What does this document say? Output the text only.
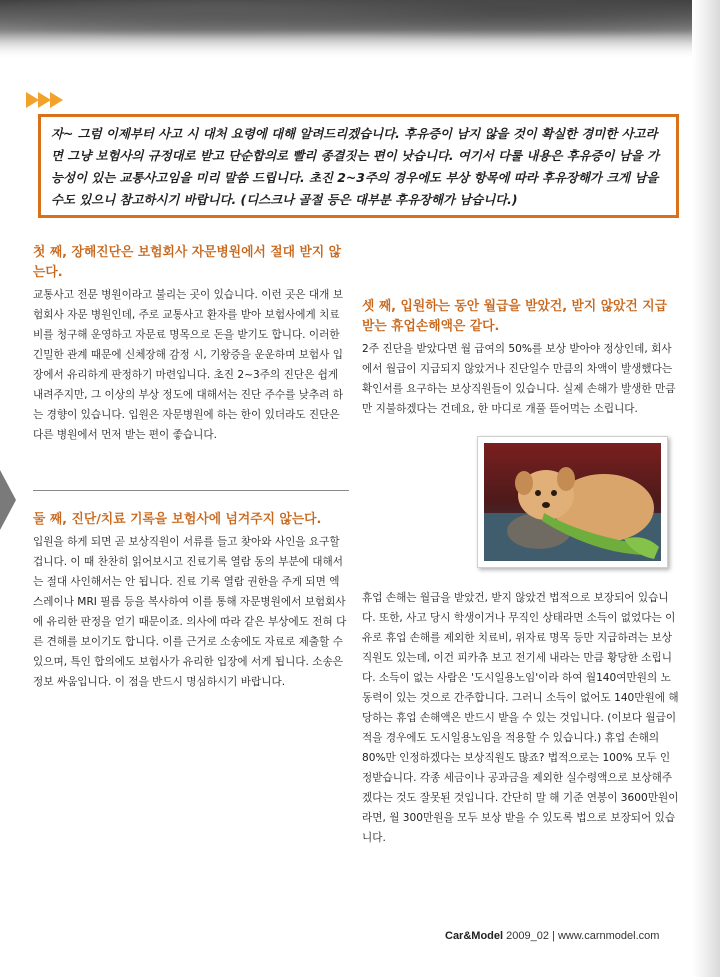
자~ 그럼 이제부터 사고 시 대처 요령에 대해 알려드리겠습니다. 후유증이 남지 않을 것이 확실한 경미한 사고라면 그냥 보험사의 규정대로 받고 단순합의로 빨리 종결짓는 편이 낫습니다. 여기서 다룰 내용은 후유증이 남을 가능성이 있는 교통사고임을 미리 말씀 드립니다. 초진 2~3주의 경우에도 부상 항목에 따라 후유장해가 크게 남을 수도 있으니 참고하시기 바랍니다. (디스크나 골절 등은 대부분 후유장해가 남습니다.)

첫 째, 장해진단은 보험회사 자문병원에서 절대 받지 않는다.

교통사고 전문 병원이라고 불리는 곳이 있습니다. 이런 곳은 대개 보험회사 자문 병원인데, 주로 교통사고 환자를 받아 보험사에게 치료비를 청구해 운영하고 자문료 명목으로 돈을 받기도 합니다. 이러한 긴밀한 관계 때문에 신체장해 감정 시, 기왕증을 운운하며 보험사 입장에서 유리하게 판정하기 마련입니다. 초진 2~3주의 진단은 쉽게 내려주지만, 그 이상의 부상 정도에 대해서는 진단 주수를 낮추려 하는 경향이 있습니다. 입원은 자문병원에 하는 한이 있더라도 진단은 다른 병원에서 먼저 받는 편이 좋습니다.

둘 째, 진단/치료 기록을 보험사에 넘겨주지 않는다.

입원을 하게 되면 곧 보상직원이 서류를 들고 찾아와 사인을 요구할 겁니다. 이 때 찬찬히 읽어보시고 진료기록 열람 동의 부분에 대해서는 절대 사인해서는 안 됩니다. 진료 기록 열람 권한을 주게 되면 엑스레이나 MRI 필름 등을 복사하여 이를 통해 자문병원에서 보험회사에 유리한 판정을 얻기 때문이죠. 의사에 따라 같은 부상에도 전혀 다른 견해를 보이기도 합니다. 이를 근거로 소송에도 자료로 제출할 수 있으며, 특인 합의에도 보험사가 유리한 입장에 서게 됩니다. 소송은 정보 싸움입니다. 이 점을 반드시 명심하시기 바랍니다.

셋 째, 입원하는 동안 월급을 받았건, 받지 않았건 지급받는 휴업손해액은 같다.

2주 진단을 받았다면 월 급여의 50%를 보상 받아야 정상인데, 회사에서 월급이 지급되지 않았거나 진단일수 만큼의 차액이 발생했다는 확인서를 요구하는 보상직원들이 있습니다. 실제 손해가 발생한 만큼만 지불하겠다는 건데요, 한 마디로 개풀 뜯어먹는 소립니다.

휴업 손해는 월급을 받았건, 받지 않았건 법적으로 보장되어 있습니다. 또한, 사고 당시 학생이거나 무직인 상태라면 소득이 없었다는 이유로 휴업 손해를 제외한 치료비, 위자료 명목 등만 지급하려는 보상직원도 있는데, 이건 피카츄 보고 전기세 내라는 만큼 황당한 소립니다. 소득이 없는 사람은 '도시일용노임'이라 하여 월140여만원의 노동력이 있는 것으로 간주합니다. 그러니 소득이 없어도 140만원에 해당하는 휴업 손해액은 반드시 받을 수 있는 것입니다. (이보다 월급이 적을 경우에도 도시일용노임을 적용할 수 있습니다.) 휴업 손해의 80%만 인정하겠다는 보상직원도 많죠? 법적으로는 100% 모두 인정받습니다. 각종 세금이나 공과금을 제외한 실수령액으로 보상해주겠다는 것도 잘못된 것입니다. 간단히 말 해 기준 연봉이 3600만원이라면, 월 300만원을 모두 보상 받을 수 있도록 법으로 보장되어 있습니다.

Car&Model 2009_02 | www.carnmodel.com
